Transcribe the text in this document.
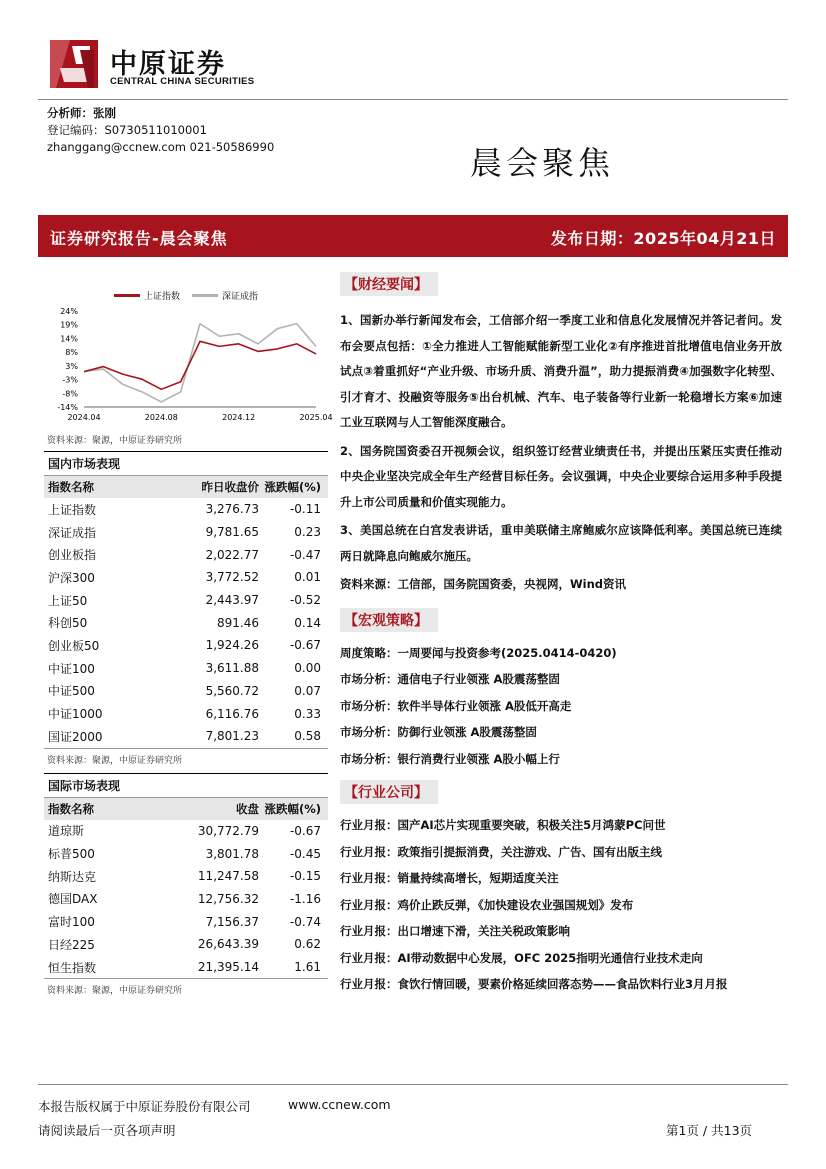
中原证券
CENTRAL CHINA SECURITIES
分析师：张刚
登记编码：S0730511010001
zhanggang@ccnew.com 021-50586990	晨会聚焦
证券研究报告-晨会聚焦	发布日期：2025年04月21日
24%
19%
14%
8%
3%
-3%
-8%
-14%
2024.04	2024.08	2024.12	2025.04
上证指数	深证成指
资料来源：聚源，中原证券研究所
国内市场表现
指数名称	昨日收盘价 涨跌幅(%)
上证指数	3,276.73	-0.11
深证成指	9,781.65	0.23
创业板指	2,022.77	-0.47
沪深300	3,772.52	0.01
上证50	2,443.97	-0.52
科创50	891.46	0.14
创业板50	1,924.26	-0.67
中证100	3,611.88	0.00
中证500	5,560.72	0.07
中证1000	6,116.76	0.33
国证2000	7,801.23	0.58
资料来源：聚源，中原证券研究所
国际市场表现
指数名称	收盘 涨跌幅(%)
道琼斯	30,772.79	-0.67
标普500	3,801.78	-0.45
纳斯达克	11,247.58	-0.15
德国DAX	12,756.32	-1.16
富时100	7,156.37	-0.74
日经225	26,643.39	0.62
恒生指数	21,395.14	1.61
资料来源：聚源，中原证券研究所
【财经要闻】
1、国新办举行新闻发布会，工信部介绍一季度工业和信息化发展情况并答记者问。发布会要点包括：①全力推进人工智能赋能新型工业化②有序推进首批增值电信业务开放试点③着重抓好“产业升级、市场升质、消费升温”，助力提振消费④加强数字化转型、引才育才、投融资等服务⑤出台机械、汽车、电子装备等行业新一轮稳增长方案⑥加速工业互联网与人工智能深度融合。
2、国务院国资委召开视频会议，组织签订经营业绩责任书，并提出压紧压实责任推动中央企业坚决完成全年生产经营目标任务。会议强调，中央企业要综合运用多种手段提升上市公司质量和价值实现能力。
3、美国总统在白宫发表讲话，重申美联储主席鲍威尔应该降低利率。美国总统已连续两日就降息向鲍威尔施压。
资料来源：工信部，国务院国资委，央视网，Wind资讯
【宏观策略】
周度策略：一周要闻与投资参考(2025.0414-0420)
市场分析：通信电子行业领涨 A股震荡整固
市场分析：软件半导体行业领涨 A股低开高走
市场分析：防御行业领涨 A股震荡整固
市场分析：银行消费行业领涨 A股小幅上行
【行业公司】
行业月报：国产AI芯片实现重要突破，积极关注5月鸿蒙PC问世
行业月报：政策指引提振消费，关注游戏、广告、国有出版主线
行业月报：销量持续高增长，短期适度关注
行业月报：鸡价止跌反弹，《加快建设农业强国规划》发布
行业月报：出口增速下滑，关注关税政策影响
行业月报：AI带动数据中心发展，OFC 2025指明光通信行业技术走向
行业月报：食饮行情回暖，要素价格延续回落态势——食品饮料行业3月月报
本报告版权属于中原证券股份有限公司	www.ccnew.com
请阅读最后一页各项声明	第1页 / 共13页
